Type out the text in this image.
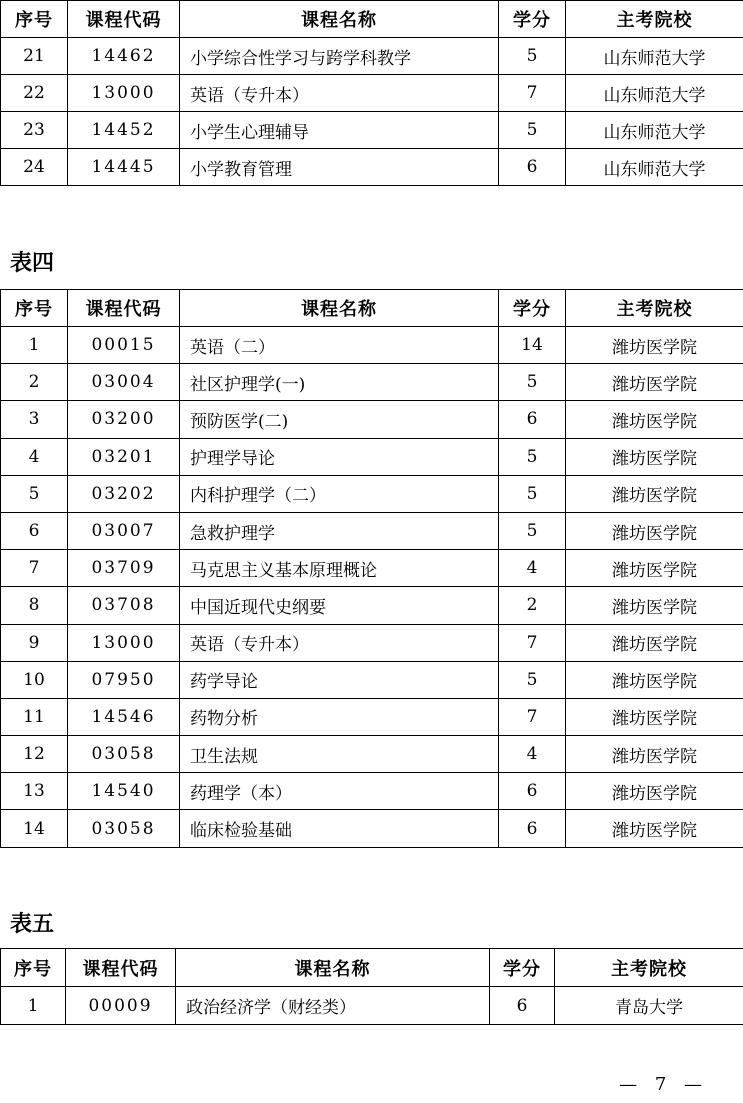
序号	课程代码	课程名称	学分	主考院校
21	14462	小学综合性学习与跨学科教学	5	山东师范大学
22	13000	英语（专升本）	7	山东师范大学
23	14452	小学生心理辅导	5	山东师范大学
24	14445	小学教育管理	6	山东师范大学
表四
序号	课程代码	课程名称	学分	主考院校
1	00015	英语（二）	14	潍坊医学院
2	03004	社区护理学(一)	5	潍坊医学院
3	03200	预防医学(二)	6	潍坊医学院
4	03201	护理学导论	5	潍坊医学院
5	03202	内科护理学（二）	5	潍坊医学院
6	03007	急救护理学	5	潍坊医学院
7	03709	马克思主义基本原理概论	4	潍坊医学院
8	03708	中国近现代史纲要	2	潍坊医学院
9	13000	英语（专升本）	7	潍坊医学院
10	07950	药学导论	5	潍坊医学院
11	14546	药物分析	7	潍坊医学院
12	03058	卫生法规	4	潍坊医学院
13	14540	药理学（本）	6	潍坊医学院
14	03058	临床检验基础	6	潍坊医学院
表五
序号	课程代码	课程名称	学分	主考院校
1	00009	政治经济学（财经类）	6	青岛大学
— 7 —
